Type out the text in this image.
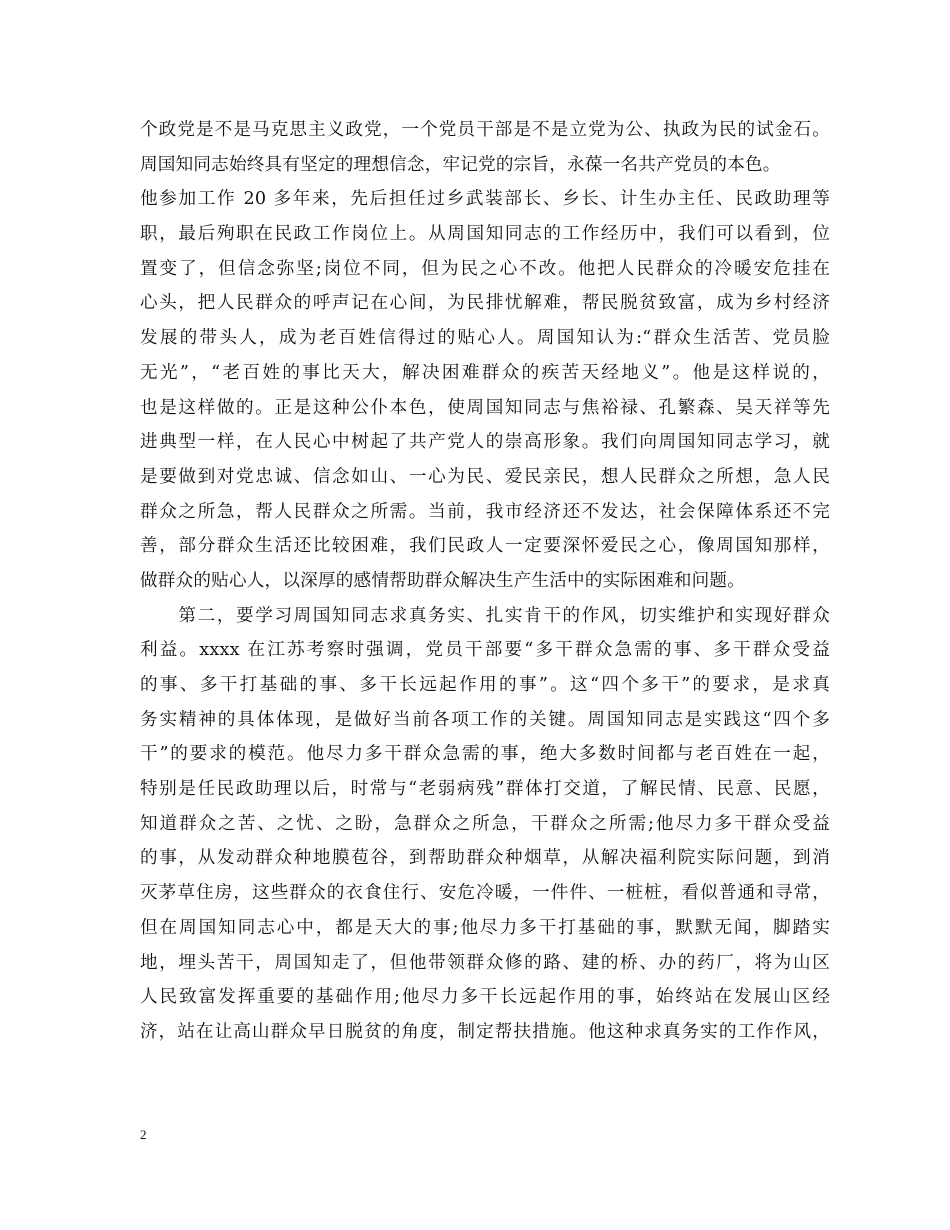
个政党是不是马克思主义政党，一个党员干部是不是立党为公、执政为民的试金石。
周国知同志始终具有坚定的理想信念，牢记党的宗旨，永葆一名共产党员的本色。
他参加工作 20 多年来，先后担任过乡武装部长、乡长、计生办主任、民政助理等
职，最后殉职在民政工作岗位上。从周国知同志的工作经历中，我们可以看到，位
置变了，但信念弥坚;岗位不同，但为民之心不改。他把人民群众的冷暖安危挂在
心头，把人民群众的呼声记在心间，为民排忧解难，帮民脱贫致富，成为乡村经济
发展的带头人，成为老百姓信得过的贴心人。周国知认为:“群众生活苦、党员脸
无光”，“老百姓的事比天大，解决困难群众的疾苦天经地义”。他是这样说的，
也是这样做的。正是这种公仆本色，使周国知同志与焦裕禄、孔繁森、吴天祥等先
进典型一样，在人民心中树起了共产党人的崇高形象。我们向周国知同志学习，就
是要做到对党忠诚、信念如山、一心为民、爱民亲民，想人民群众之所想，急人民
群众之所急，帮人民群众之所需。当前，我市经济还不发达，社会保障体系还不完
善，部分群众生活还比较困难，我们民政人一定要深怀爱民之心，像周国知那样，
做群众的贴心人，以深厚的感情帮助群众解决生产生活中的实际困难和问题。
　　第二，要学习周国知同志求真务实、扎实肯干的作风，切实维护和实现好群众
利益。xxxx 在江苏考察时强调，党员干部要“多干群众急需的事、多干群众受益
的事、多干打基础的事、多干长远起作用的事”。这“四个多干”的要求，是求真
务实精神的具体体现，是做好当前各项工作的关键。周国知同志是实践这“四个多
干”的要求的模范。他尽力多干群众急需的事，绝大多数时间都与老百姓在一起，
特别是任民政助理以后，时常与“老弱病残”群体打交道，了解民情、民意、民愿，
知道群众之苦、之忧、之盼，急群众之所急，干群众之所需;他尽力多干群众受益
的事，从发动群众种地膜苞谷，到帮助群众种烟草，从解决福利院实际问题，到消
灭茅草住房，这些群众的衣食住行、安危冷暖，一件件、一桩桩，看似普通和寻常，
但在周国知同志心中，都是天大的事;他尽力多干打基础的事，默默无闻，脚踏实
地，埋头苦干，周国知走了，但他带领群众修的路、建的桥、办的药厂，将为山区
人民致富发挥重要的基础作用;他尽力多干长远起作用的事，始终站在发展山区经
济，站在让高山群众早日脱贫的角度，制定帮扶措施。他这种求真务实的工作作风，
2
